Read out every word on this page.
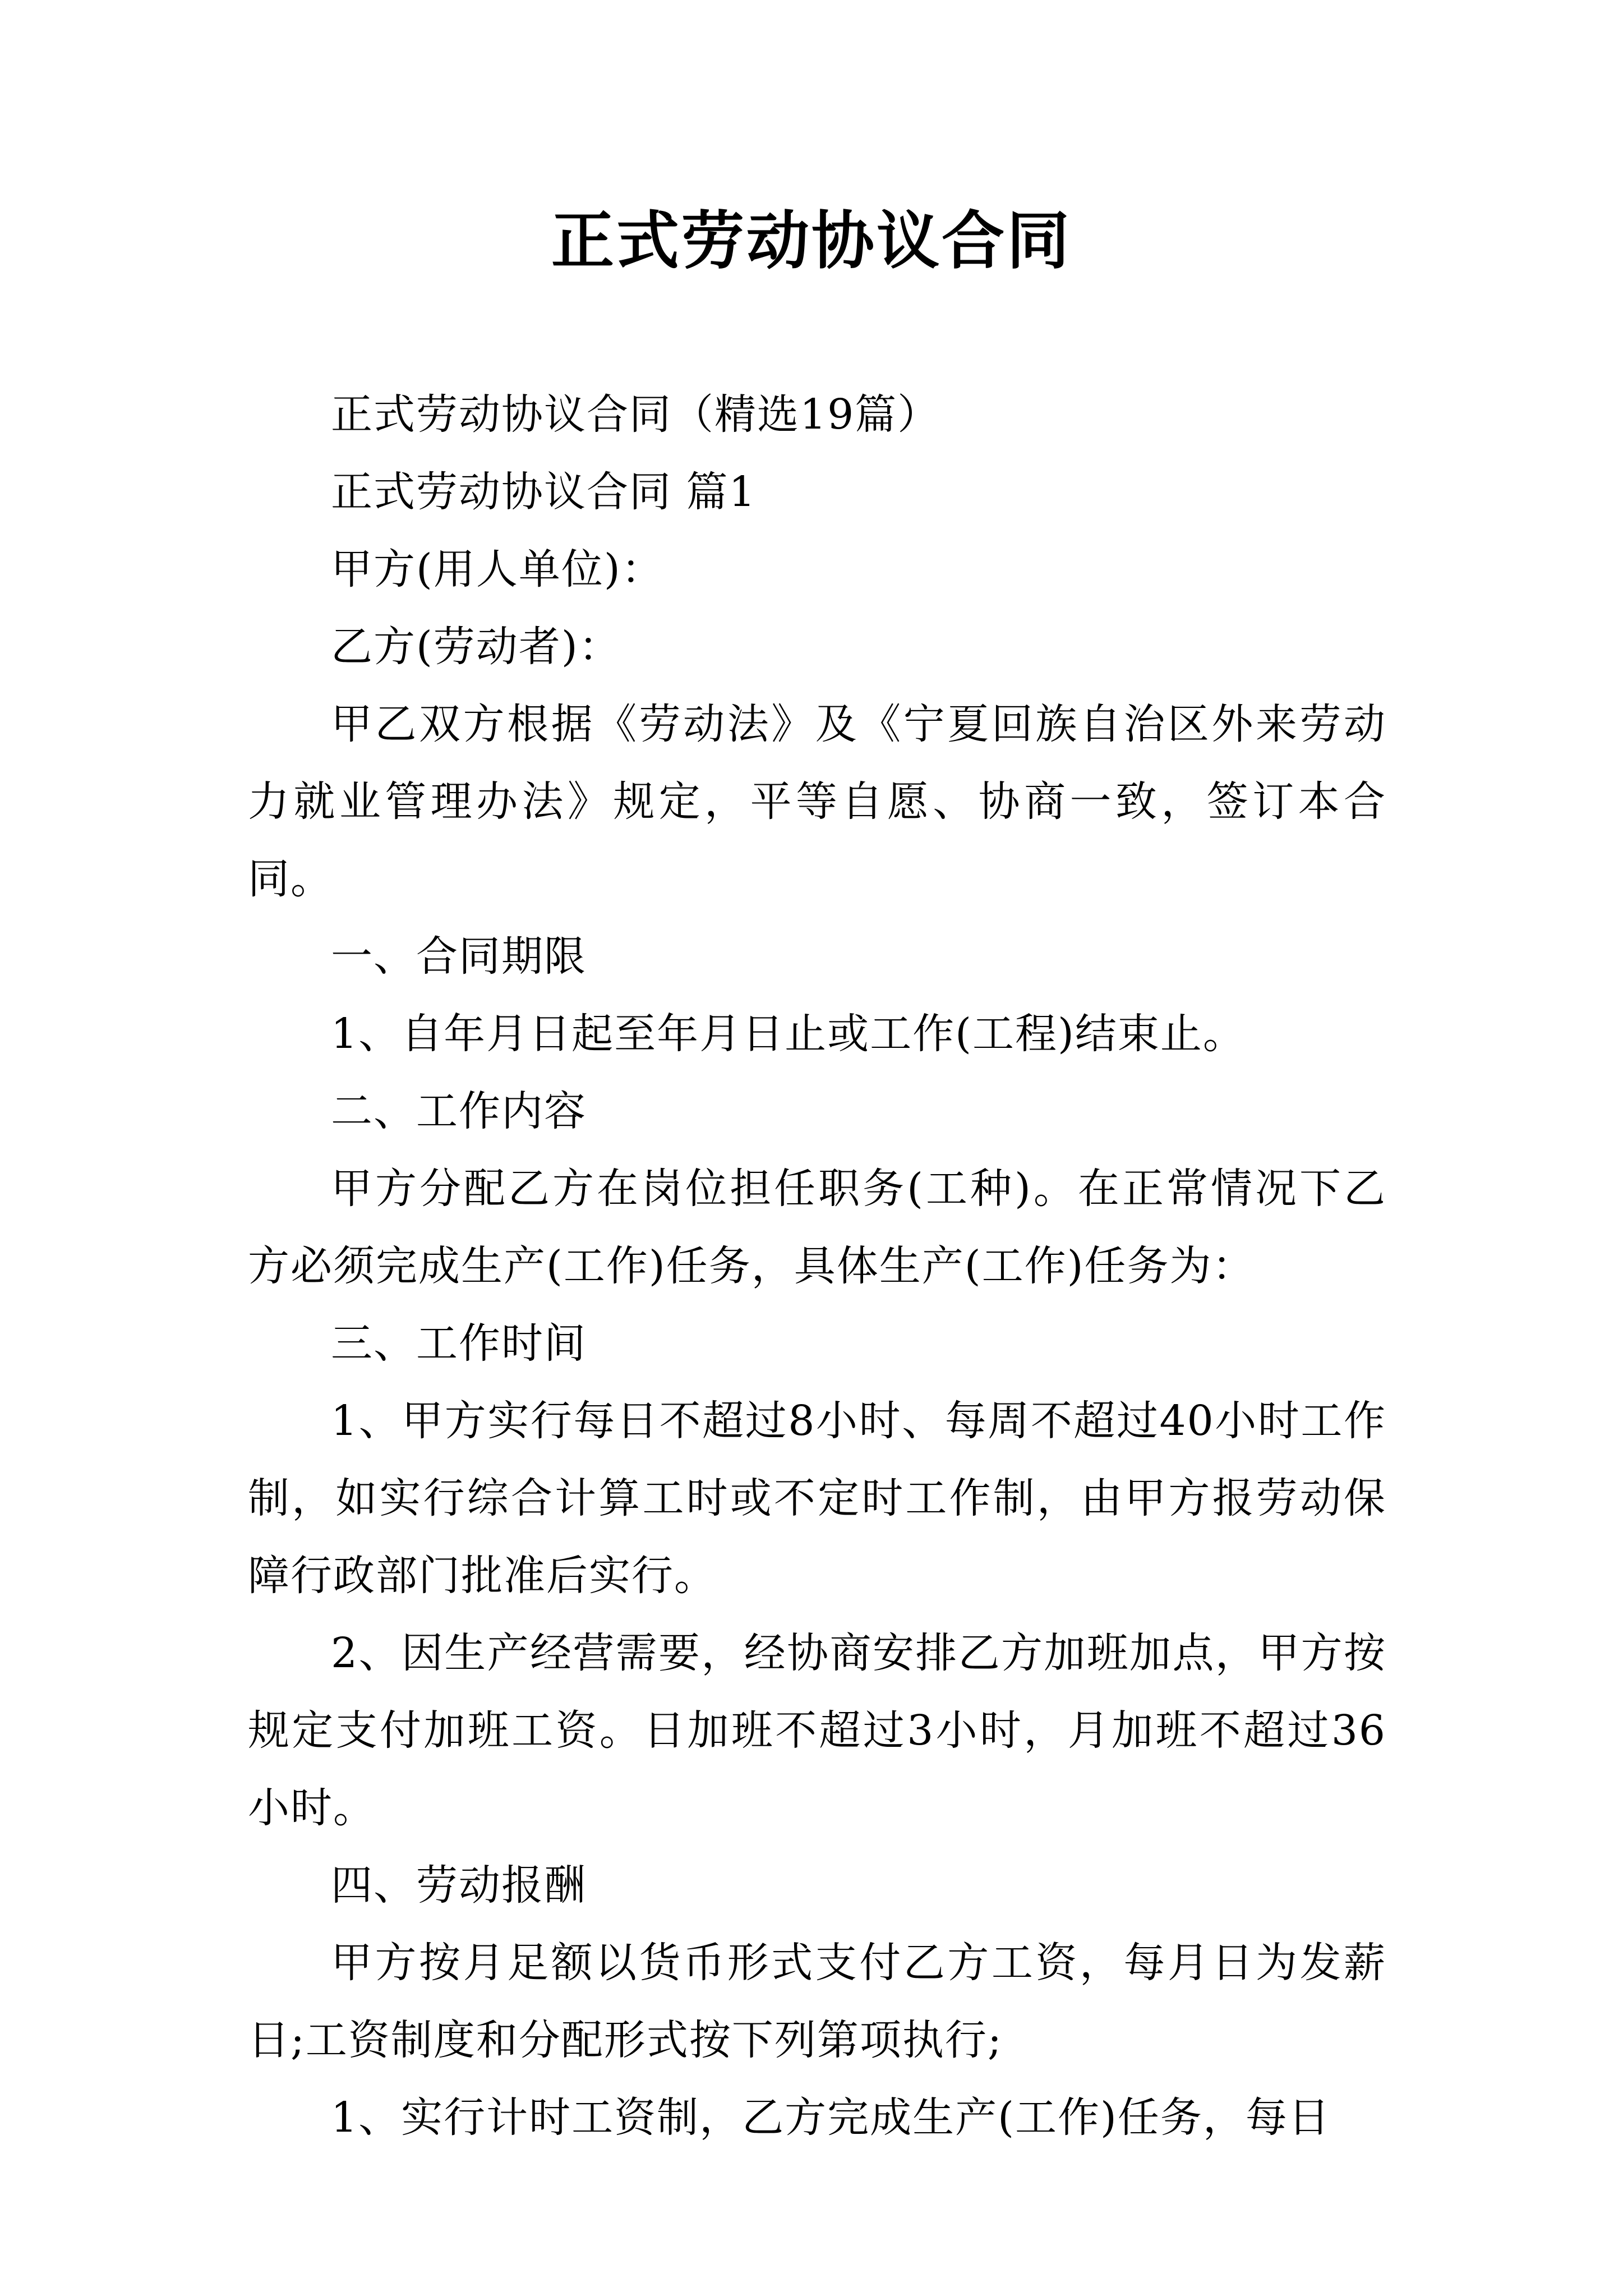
正式劳动协议合同

正式劳动协议合同（精选19篇）

正式劳动协议合同 篇1

甲方(用人单位)：

乙方(劳动者)：

甲乙双方根据《劳动法》及《宁夏回族自治区外来劳动力就业管理办法》规定，平等自愿、协商一致，签订本合同。

一、合同期限

1、自年月日起至年月日止或工作(工程)结束止。

二、工作内容

甲方分配乙方在岗位担任职务(工种)。在正常情况下乙方必须完成生产(工作)任务，具体生产(工作)任务为：

三、工作时间

1、甲方实行每日不超过8小时、每周不超过40小时工作制，如实行综合计算工时或不定时工作制，由甲方报劳动保障行政部门批准后实行。

2、因生产经营需要，经协商安排乙方加班加点，甲方按规定支付加班工资。日加班不超过3小时，月加班不超过36小时。

四、劳动报酬

甲方按月足额以货币形式支付乙方工资，每月日为发薪日;工资制度和分配形式按下列第项执行;

1、实行计时工资制，乙方完成生产(工作)任务，每日
